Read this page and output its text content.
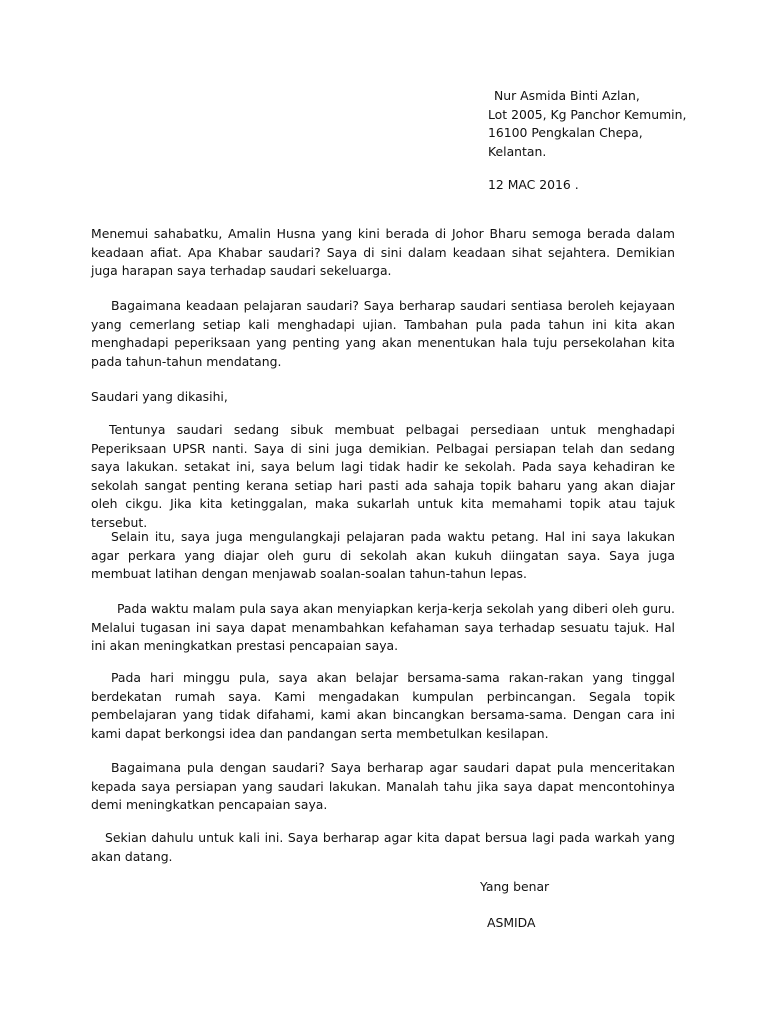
Nur Asmida Binti Azlan,
Lot 2005, Kg Panchor Kemumin,
16100 Pengkalan Chepa,
Kelantan.
12 MAC 2016 .

Menemui sahabatku, Amalin Husna yang kini berada di Johor Bharu semoga berada dalam keadaan afiat. Apa Khabar saudari? Saya di sini dalam keadaan sihat sejahtera. Demikian juga harapan saya terhadap saudari sekeluarga.

Bagaimana keadaan pelajaran saudari? Saya berharap saudari sentiasa beroleh kejayaan yang cemerlang setiap kali menghadapi ujian. Tambahan pula pada tahun ini kita akan menghadapi peperiksaan yang penting yang akan menentukan hala tuju persekolahan kita pada tahun-tahun mendatang.

Saudari yang dikasihi,

Tentunya saudari sedang sibuk membuat pelbagai persediaan untuk menghadapi Peperiksaan UPSR nanti. Saya di sini juga demikian. Pelbagai persiapan telah dan sedang saya lakukan. setakat ini, saya belum lagi tidak hadir ke sekolah. Pada saya kehadiran ke sekolah sangat penting kerana setiap hari pasti ada sahaja topik baharu yang akan diajar oleh cikgu. Jika kita ketinggalan, maka sukarlah untuk kita memahami topik atau tajuk tersebut.

Selain itu, saya juga mengulangkaji pelajaran pada waktu petang. Hal ini saya lakukan agar perkara yang diajar oleh guru di sekolah akan kukuh diingatan saya. Saya juga membuat latihan dengan menjawab soalan-soalan tahun-tahun lepas.

Pada waktu malam pula saya akan menyiapkan kerja-kerja sekolah yang diberi oleh guru. Melalui tugasan ini saya dapat menambahkan kefahaman saya terhadap sesuatu tajuk. Hal ini akan meningkatkan prestasi pencapaian saya.

Pada hari minggu pula, saya akan belajar bersama-sama rakan-rakan yang tinggal berdekatan rumah saya. Kami mengadakan kumpulan perbincangan. Segala topik pembelajaran yang tidak difahami, kami akan bincangkan bersama-sama. Dengan cara ini kami dapat berkongsi idea dan pandangan serta membetulkan kesilapan.

Bagaimana pula dengan saudari? Saya berharap agar saudari dapat pula menceritakan kepada saya persiapan yang saudari lakukan. Manalah tahu jika saya dapat mencontohinya demi meningkatkan pencapaian saya.

Sekian dahulu untuk kali ini. Saya berharap agar kita dapat bersua lagi pada warkah yang akan datang.

Yang benar
ASMIDA
